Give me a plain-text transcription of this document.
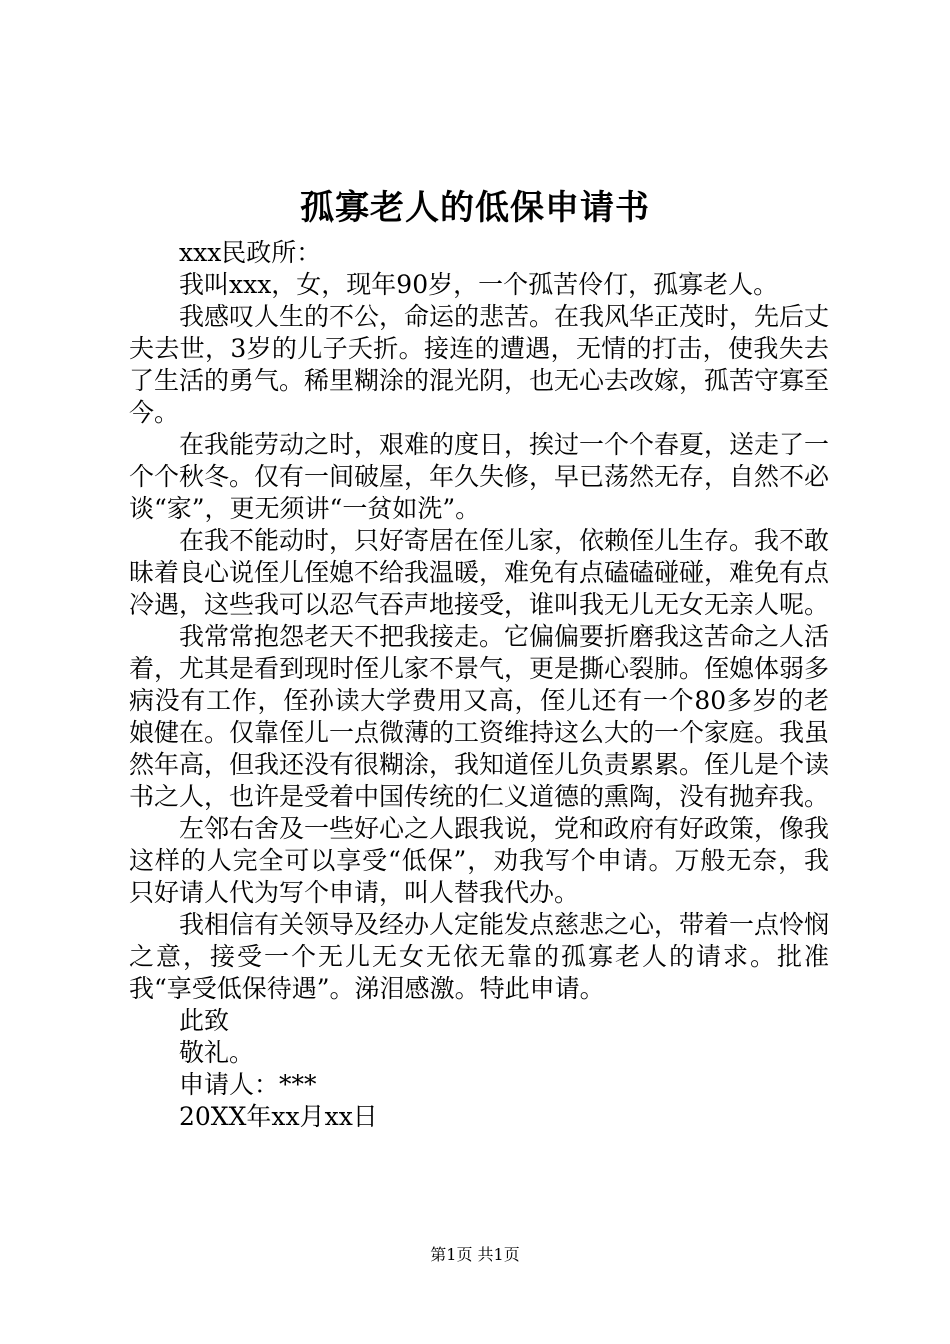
孤寡老人的低保申请书

xxx民政所：

我叫xxx，女，现年90岁，一个孤苦伶仃，孤寡老人。

我感叹人生的不公，命运的悲苦。在我风华正茂时，先后丈夫去世，3岁的儿子夭折。接连的遭遇，无情的打击，使我失去了生活的勇气。稀里糊涂的混光阴，也无心去改嫁，孤苦守寡至今。

在我能劳动之时，艰难的度日，挨过一个个春夏，送走了一个个秋冬。仅有一间破屋，年久失修，早已荡然无存，自然不必谈“家”，更无须讲“一贫如洗”。

在我不能动时，只好寄居在侄儿家，依赖侄儿生存。我不敢昧着良心说侄儿侄媳不给我温暖，难免有点磕磕碰碰，难免有点冷遇，这些我可以忍气吞声地接受，谁叫我无儿无女无亲人呢。

我常常抱怨老天不把我接走。它偏偏要折磨我这苦命之人活着，尤其是看到现时侄儿家不景气，更是撕心裂肺。侄媳体弱多病没有工作，侄孙读大学费用又高，侄儿还有一个80多岁的老娘健在。仅靠侄儿一点微薄的工资维持这么大的一个家庭。我虽然年高，但我还没有很糊涂，我知道侄儿负责累累。侄儿是个读书之人，也许是受着中国传统的仁义道德的熏陶，没有抛弃我。

左邻右舍及一些好心之人跟我说，党和政府有好政策，像我这样的人完全可以享受“低保”，劝我写个申请。万般无奈，我只好请人代为写个申请，叫人替我代办。

我相信有关领导及经办人定能发点慈悲之心，带着一点怜悯之意，接受一个无儿无女无依无靠的孤寡老人的请求。批准我“享受低保待遇”。涕泪感激。特此申请。

此致

敬礼。

申请人：***

20XX年xx月xx日

第1页 共1页
